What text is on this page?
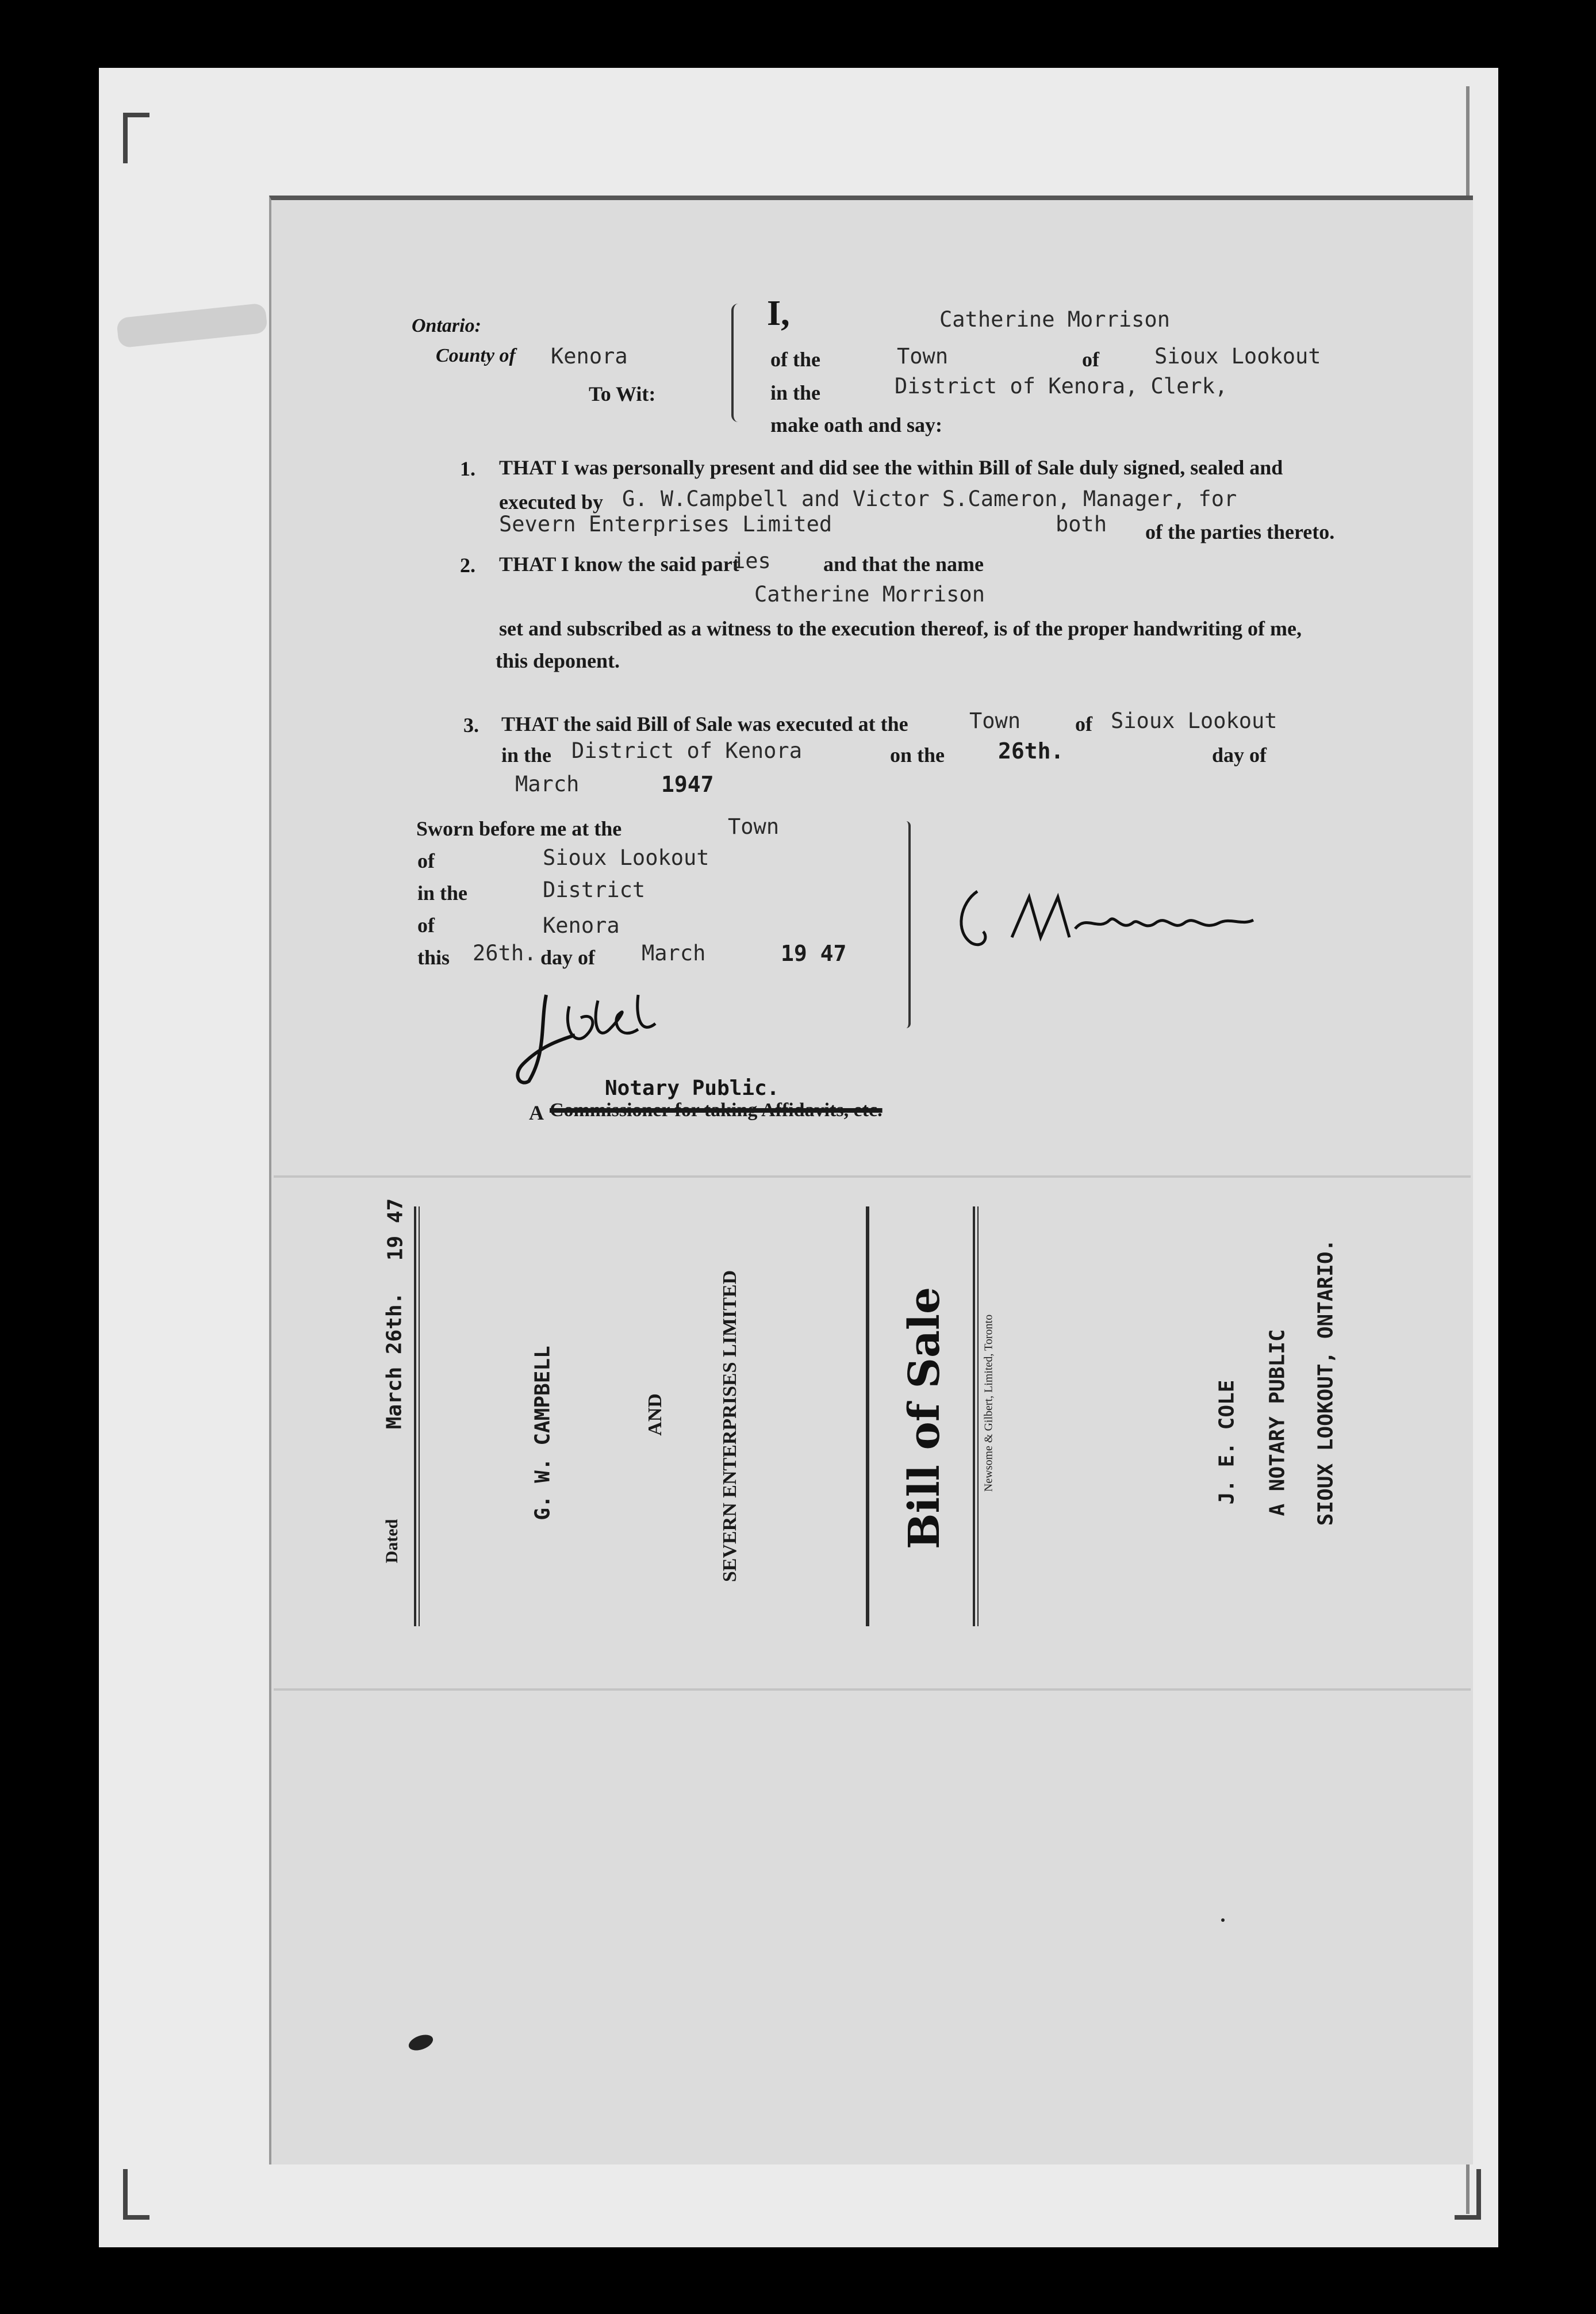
Ontario:
County of Kenora
To Wit:
I,	Catherine Morrison
of the	Town	of	Sioux Lookout
in the	District of Kenora, Clerk,
make oath and say:
1. THAT I was personally present and did see the within Bill of Sale duly signed, sealed and
executed by G. W.Campbell and Victor S.Cameron, Manager, for
Severn Enterprises Limited	both of the parties thereto.
2. THAT I know the said part
ies	and that the name
Catherine Morrison
set and subscribed as a witness to the execution thereof, is of the proper handwriting of me,
this deponent.
3. THAT the said Bill of Sale was executed at the	Town	of Sioux Lookout
in the District of Kenora	on the 26th.	day of
March	1947
Sworn before me at the	Town
of	Sioux Lookout
in the	District
of	Kenora
this 26th. day of March	19 47
Notary Public.
A Commissioner for taking Affidavits, etc.
Dated
March 26th.
19 47
G. W. CAMPBELL	AND	SEVERN ENTERPRISES LIMITED	Bill of Sale	Newsome & Gilbert, Limited, Toronto	J. E. COLE A NOTARY PUBLIC SIOUX LOOKOUT, ONTARIO.
